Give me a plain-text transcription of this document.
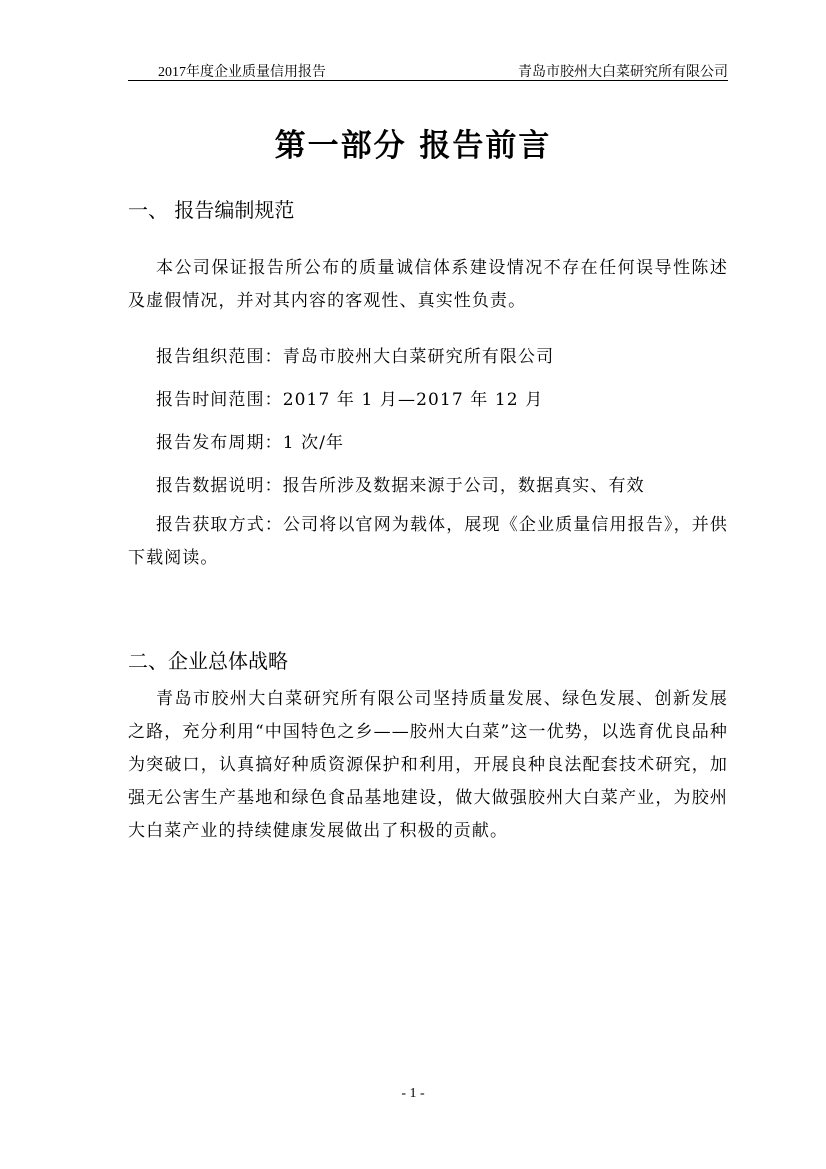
2017年度企业质量信用报告	青岛市胶州大白菜研究所有限公司
第一部分 报告前言
一、 报告编制规范

本公司保证报告所公布的质量诚信体系建设情况不存在任何误导性陈述及虚假情况，并对其内容的客观性、真实性负责。

报告组织范围：青岛市胶州大白菜研究所有限公司
报告时间范围：2017 年 1 月—2017 年 12 月
报告发布周期：1 次/年
报告数据说明：报告所涉及数据来源于公司，数据真实、有效

报告获取方式：公司将以官网为载体，展现《企业质量信用报告》，并供下载阅读。

二、企业总体战略

青岛市胶州大白菜研究所有限公司坚持质量发展、绿色发展、创新发展之路，充分利用“中国特色之乡——胶州大白菜”这一优势，以选育优良品种为突破口，认真搞好种质资源保护和利用，开展良种良法配套技术研究，加强无公害生产基地和绿色食品基地建设，做大做强胶州大白菜产业，为胶州大白菜产业的持续健康发展做出了积极的贡献。

- 1 -
